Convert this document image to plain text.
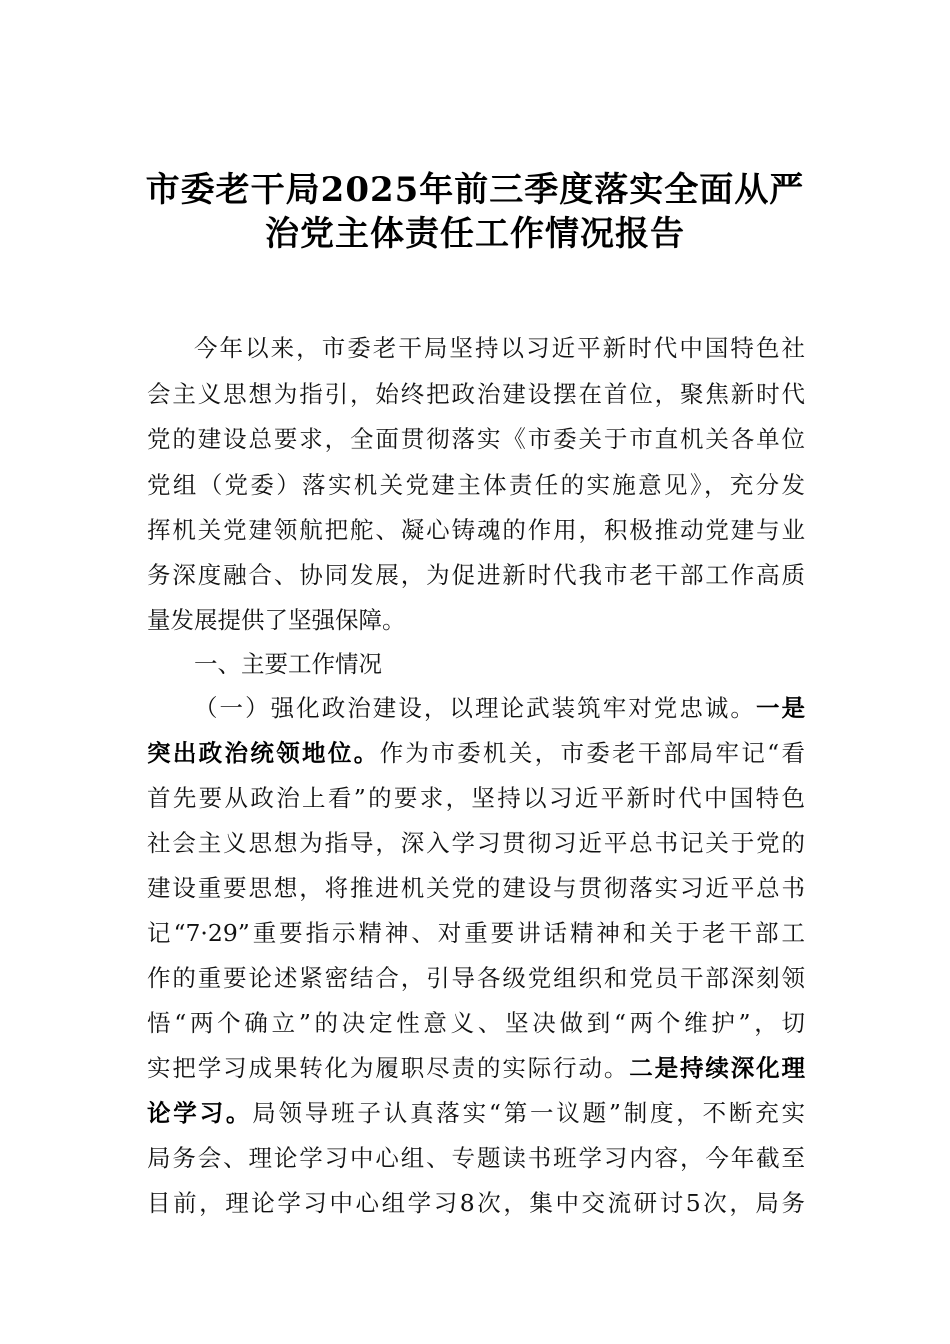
市委老干局2025年前三季度落实全面从严
治党主体责任工作情况报告
今年以来，市委老干局坚持以习近平新时代中国特色社
会主义思想为指引，始终把政治建设摆在首位，聚焦新时代
党的建设总要求，全面贯彻落实《市委关于市直机关各单位
党组（党委）落实机关党建主体责任的实施意见》，充分发
挥机关党建领航把舵、凝心铸魂的作用，积极推动党建与业
务深度融合、协同发展，为促进新时代我市老干部工作高质
量发展提供了坚强保障。
一、主要工作情况
（一）强化政治建设，以理论武装筑牢对党忠诚。一是
突出政治统领地位。作为市委机关，市委老干部局牢记“看
首先要从政治上看”的要求，坚持以习近平新时代中国特色
社会主义思想为指导，深入学习贯彻习近平总书记关于党的
建设重要思想，将推进机关党的建设与贯彻落实习近平总书
记“7·29”重要指示精神、对重要讲话精神和关于老干部工
作的重要论述紧密结合，引导各级党组织和党员干部深刻领
悟“两个确立”的决定性意义、坚决做到“两个维护”，切
实把学习成果转化为履职尽责的实际行动。二是持续深化理
论学习。局领导班子认真落实“第一议题”制度，不断充实
局务会、理论学习中心组、专题读书班学习内容，今年截至
目前，理论学习中心组学习8次，集中交流研讨5次，局务
